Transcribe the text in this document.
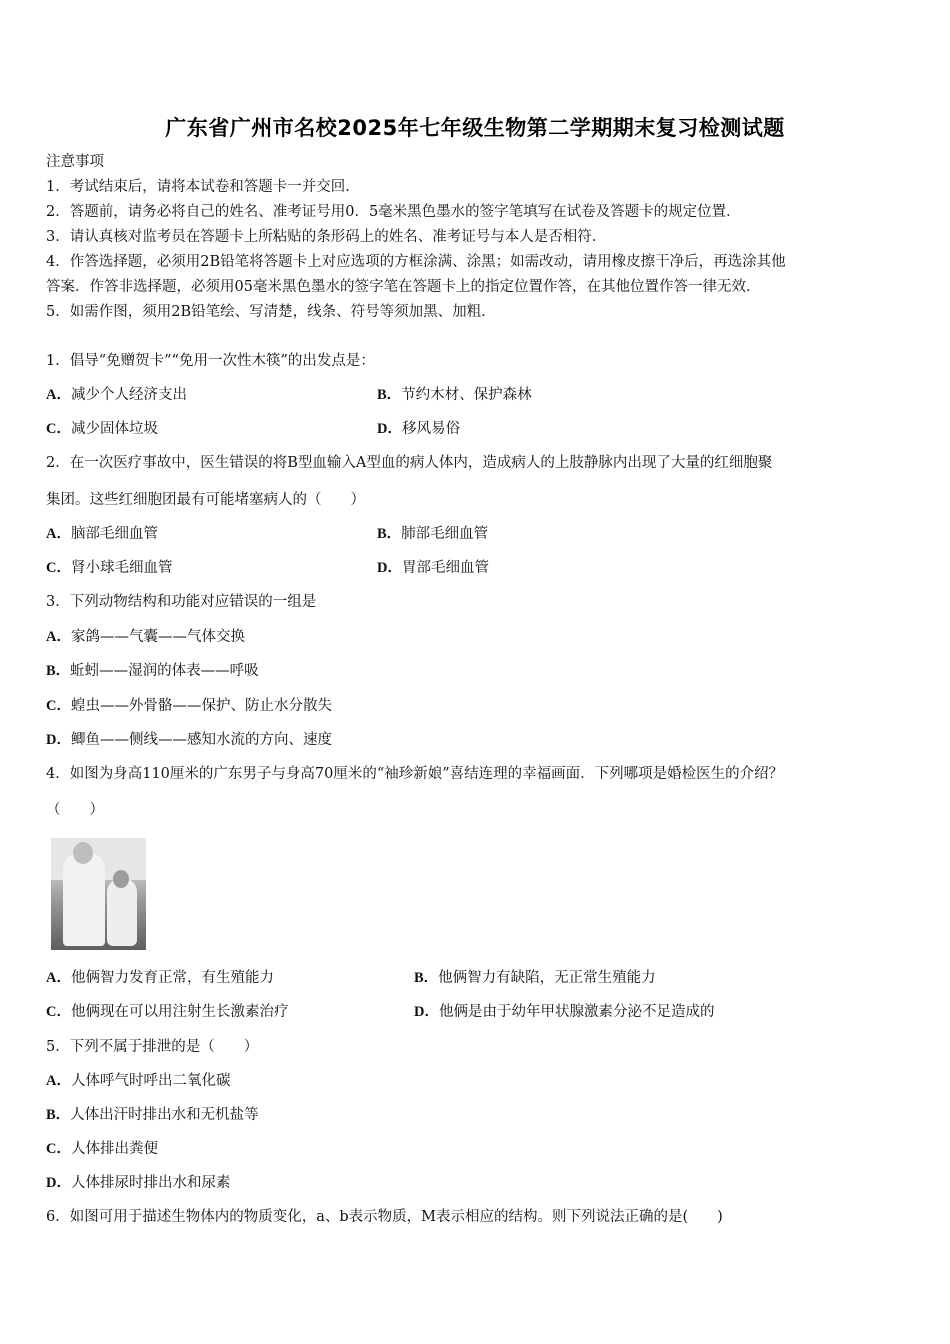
广东省广州市名校2025年七年级生物第二学期期末复习检测试题
注意事项
1．考试结束后，请将本试卷和答题卡一并交回．
2．答题前，请务必将自己的姓名、准考证号用0．5毫米黑色墨水的签字笔填写在试卷及答题卡的规定位置．
3．请认真核对监考员在答题卡上所粘贴的条形码上的姓名、准考证号与本人是否相符．
4．作答选择题，必须用2B铅笔将答题卡上对应选项的方框涂满、涂黑；如需改动，请用橡皮擦干净后，再选涂其他
答案．作答非选择题，必须用05毫米黑色墨水的签字笔在答题卡上的指定位置作答，在其他位置作答一律无效．
5．如需作图，须用2B铅笔绘、写清楚，线条、符号等须加黑、加粗．
1．倡导“免赠贺卡”“免用一次性木筷”的出发点是：
A．减少个人经济支出	B．节约木材、保护森林
C．减少固体垃圾	D．移风易俗
2．在一次医疗事故中，医生错误的将B型血输入A型血的病人体内，造成病人的上肢静脉内出现了大量的红细胞聚
集团。这些红细胞团最有可能堵塞病人的（　　）
A．脑部毛细血管	B．肺部毛细血管
C．肾小球毛细血管	D．胃部毛细血管
3．下列动物结构和功能对应错误的一组是
A．家鸽——气囊——气体交换
B．蚯蚓——湿润的体表——呼吸
C．蝗虫——外骨骼——保护、防止水分散失
D．鲫鱼——侧线——感知水流的方向、速度
4．如图为身高110厘米的广东男子与身高70厘米的“袖珍新娘”喜结连理的幸福画面．下列哪项是婚检医生的介绍？
（　　）
A．他俩智力发育正常，有生殖能力	B．他俩智力有缺陷，无正常生殖能力
C．他俩现在可以用注射生长激素治疗	D．他俩是由于幼年甲状腺激素分泌不足造成的
5．下列不属于排泄的是（　　）
A．人体呼气时呼出二氧化碳
B．人体出汗时排出水和无机盐等
C．人体排出粪便
D．人体排尿时排出水和尿素
6．如图可用于描述生物体内的物质变化，a、b表示物质，M表示相应的结构。则下列说法正确的是(　　)
